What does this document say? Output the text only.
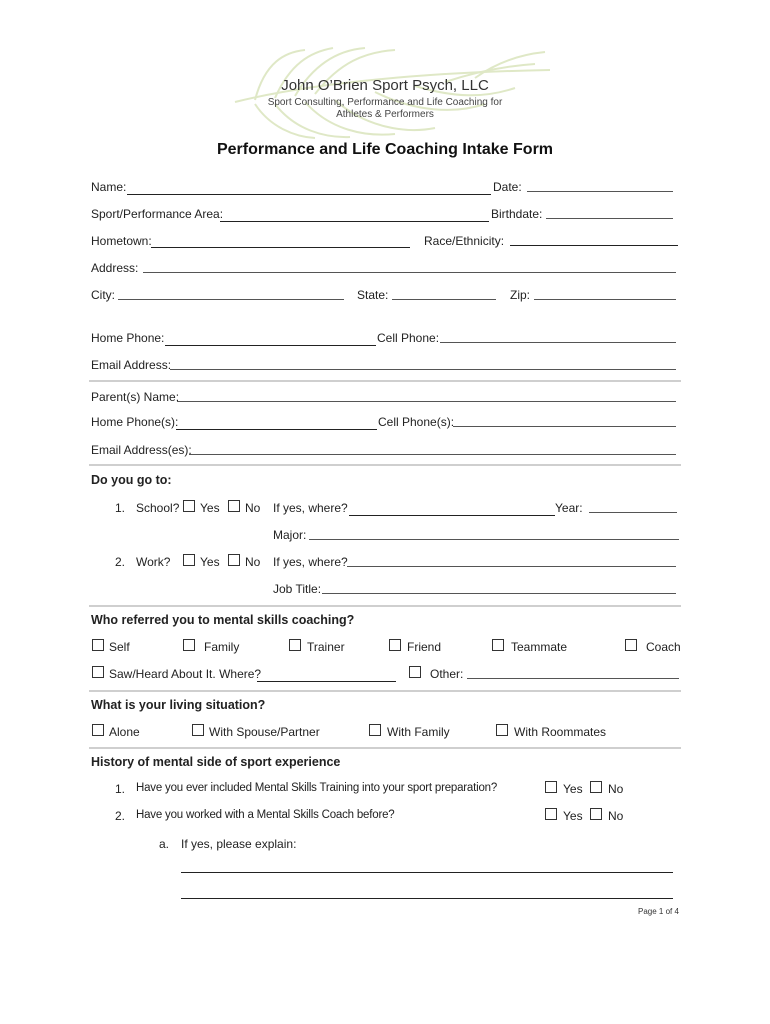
John O’Brien Sport Psych, LLC
Sport Consulting, Performance and Life Coaching for
Athletes & Performers
Performance and Life Coaching Intake Form
Name:	Date:
Sport/Performance Area:	Birthdate:
Hometown:	Race/Ethnicity:
Address:
City:	State:	Zip:
Home Phone:	Cell Phone:
Email Address:
Parent(s) Name:
Home Phone(s):	Cell Phone(s):
Email Address(es):
Do you go to:
1. School? Yes No If yes, where?	Year:
Major:
2. Work? Yes No If yes, where?
Job Title:
Who referred you to mental skills coaching?
Self	Family	Trainer	Friend	Teammate	Coach
Saw/Heard About It. Where?	Other:
What is your living situation?
Alone	With Spouse/Partner	With Family	With Roommates
History of mental side of sport experience
1. Have you ever included Mental Skills Training into your sport preparation?	Yes No
2. Have you worked with a Mental Skills Coach before?	Yes No
a. If yes, please explain:
Page 1 of 4
